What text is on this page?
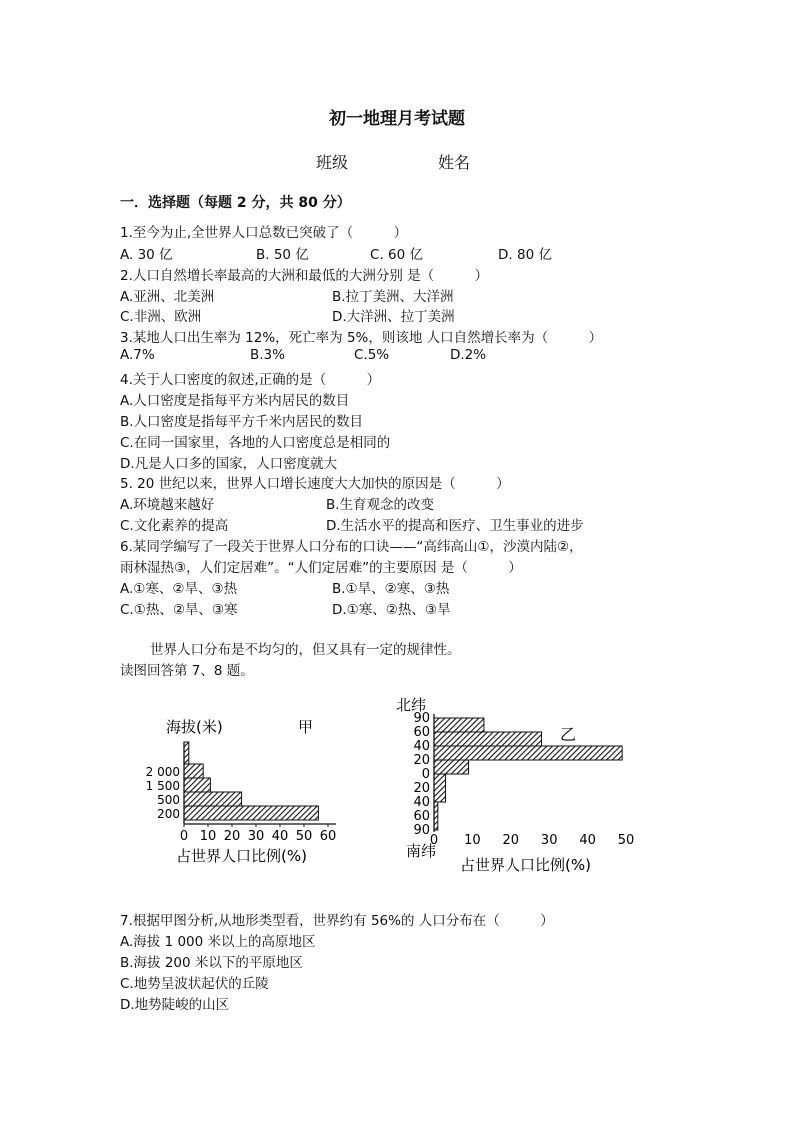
初一地理月考试题
班级	姓名
一．选择题（每题 2 分，共 80 分）
1.至今为止,全世界人口总数已突破了（　　　）
A. 30 亿	B. 50 亿	C. 60 亿	D. 80 亿
2.人口自然增长率最高的大洲和最低的大洲分别 是（　　　）
A.亚洲、北美洲	B.拉丁美洲、大洋洲
C.非洲、欧洲	D.大洋洲、拉丁美洲
3.某地人口出生率为 12%，死亡率为 5%，则该地 人口自然增长率为（　　　）
A.7%	B.3%	C.5%	D.2%
4.关于人口密度的叙述,正确的是（　　　）
A.人口密度是指每平方米内居民的数目
B.人口密度是指每平方千米内居民的数目
C.在同一国家里，各地的人口密度总是相同的
D.凡是人口多的国家，人口密度就大
5. 20 世纪以来，世界人口增长速度大大加快的原因是（　　　）
A.环境越来越好	B.生育观念的改变
C.文化素养的提高	D.生活水平的提高和医疗、卫生事业的进步
6.某同学编写了一段关于世界人口分布的口诀——“高纬高山①，沙漠内陆②，
雨林湿热③，人们定居难”。“人们定居难”的主要原因 是（　　　）
A.①寒、②旱、③热	B.①旱、②寒、③热
C.①热、②旱、③寒	D.①寒、②热、③旱
世界人口分布是不均匀的，但又具有一定的规律性。
读图回答第 7、8 题。
海拔(米)	甲
占世界人口比例(%)
200
500
1 500
2 000
0 10 20 30 40 50 60
北纬
乙
南纬
占世界人口比例(%)
90
60
40
20
0
20
40
60
90
0 10 20 30 40 50
7.根据甲图分析,从地形类型看，世界约有 56%的 人口分布在（　　　）
A.海拔 1 000 米以上的高原地区
B.海拔 200 米以下的平原地区
C.地势呈波状起伏的丘陵
D.地势陡峻的山区
